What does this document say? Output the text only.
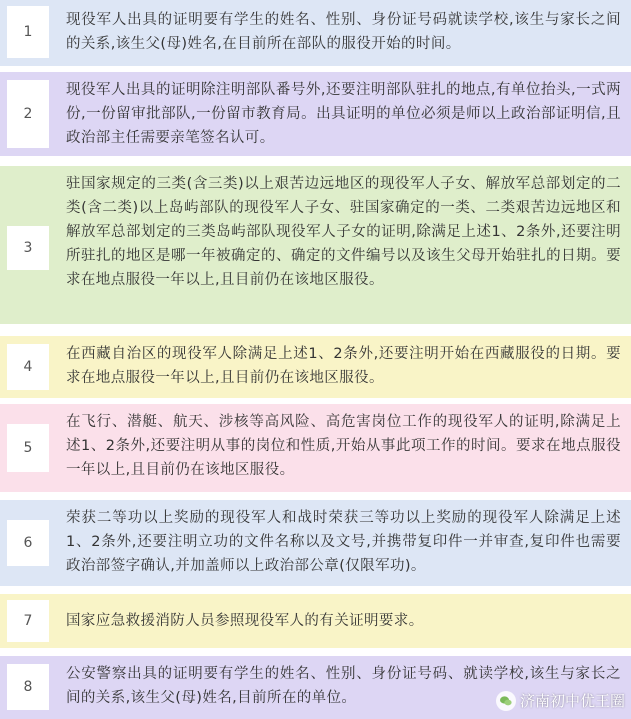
1
现役军人出具的证明要有学生的姓名、性别、身份证号码就读学校,该生与家长之间的关系,该生父(母)姓名,在目前所在部队的服役开始的时间。
2
现役军人出具的证明除注明部队番号外,还要注明部队驻扎的地点,有单位抬头,一式两份,一份留审批部队,一份留市教育局。出具证明的单位必须是师以上政治部证明信,且政治部主任需要亲笔签名认可。
3
驻国家规定的三类(含三类)以上艰苦边远地区的现役军人子女、解放军总部划定的二类(含二类)以上岛屿部队的现役军人子女、驻国家确定的一类、二类艰苦边远地区和解放军总部划定的三类岛屿部队现役军人子女的证明,除满足上述1、2条外,还要注明所驻扎的地区是哪一年被确定的、确定的文件编号以及该生父母开始驻扎的日期。要求在地点服役一年以上,且目前仍在该地区服役。
4
在西藏自治区的现役军人除满足上述1、2条外,还要注明开始在西藏服役的日期。要求在地点服役一年以上,且目前仍在该地区服役。
5
在飞行、潜艇、航天、涉核等高风险、高危害岗位工作的现役军人的证明,除满足上述1、2条外,还要注明从事的岗位和性质,开始从事此项工作的时间。要求在地点服役一年以上,且目前仍在该地区服役。
6
荣获二等功以上奖励的现役军人和战时荣获三等功以上奖励的现役军人除满足上述1、2条外,还要注明立功的文件名称以及文号,并携带复印件一并审查,复印件也需要政治部签字确认,并加盖师以上政治部公章(仅限军功)。
7	国家应急救援消防人员参照现役军人的有关证明要求。
8
公安警察出具的证明要有学生的姓名、性别、身份证号码、就读学校,该生与家长之间的关系,该生父(母)姓名,目前所在的单位。	济南初中优王圈
